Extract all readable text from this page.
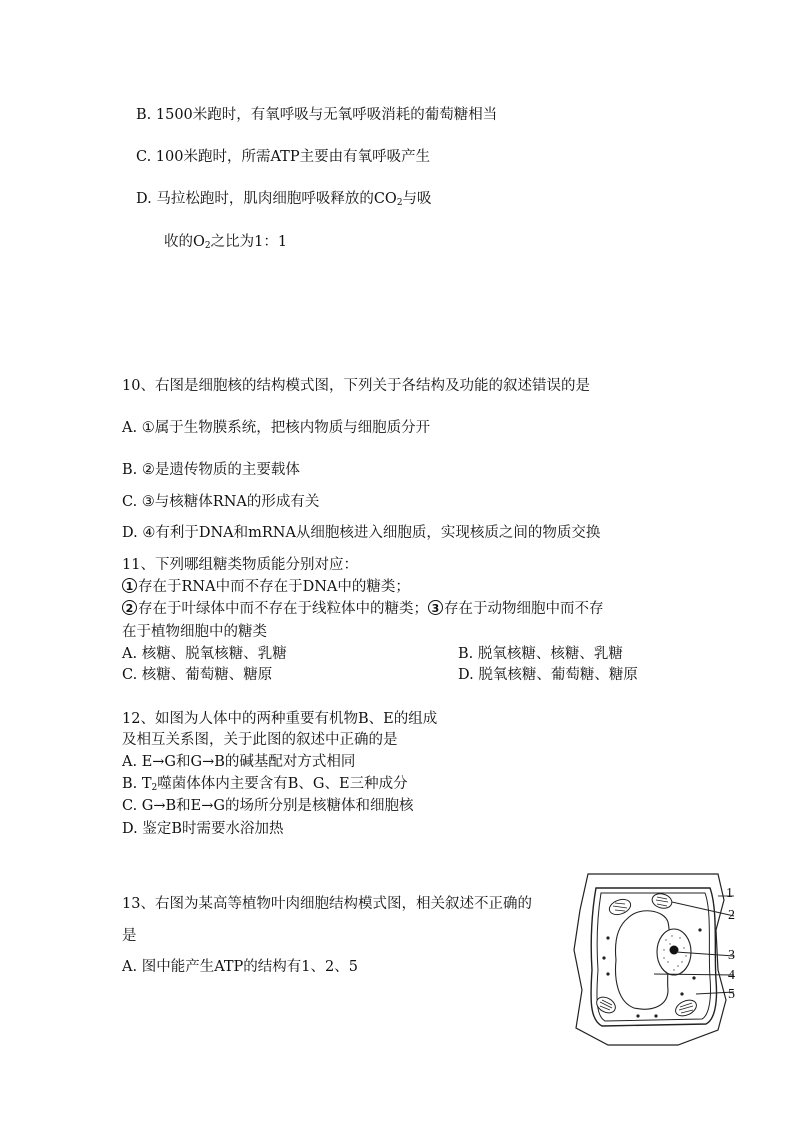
B. 1500米跑时，有氧呼吸与无氧呼吸消耗的葡萄糖相当
C. 100米跑时，所需ATP主要由有氧呼吸产生
D. 马拉松跑时，肌肉细胞呼吸释放的$CO_2$与吸
收的$O_2$之比为1：1
10、右图是细胞核的结构模式图，下列关于各结构及功能的叙述错误的是
A. ①属于生物膜系统，把核内物质与细胞质分开
B. ②是遗传物质的主要载体
C. ③与核糖体RNA的形成有关
D. ④有利于DNA和mRNA从细胞核进入细胞质，实现核质之间的物质交换
11、下列哪组糖类物质能分别对应：
1 存在于RNA中而不存在于DNA中的糖类；
2 存在于叶绿体中而不存在于线粒体中的糖类； 3 存在于动物细胞中而不存
在于植物细胞中的糖类
A. 核糖、脱氧核糖、乳糖	B. 脱氧核糖、核糖、乳糖
C. 核糖、葡萄糖、糖原	D. 脱氧核糖、葡萄糖、糖原
12、如图为人体中的两种重要有机物B、E的组成
及相互关系图，关于此图的叙述中正确的是
A. E→G和G→B的碱基配对方式相同
B. $T_2$噬菌体体内主要含有B、G、E三种成分
C. G→B和E→G的场所分别是核糖体和细胞核
D. 鉴定B时需要水浴加热
13、右图为某高等植物叶肉细胞结构模式图，相关叙述不正确的
是
A. 图中能产生ATP的结构有1、2、5
1
2
3
4
5
